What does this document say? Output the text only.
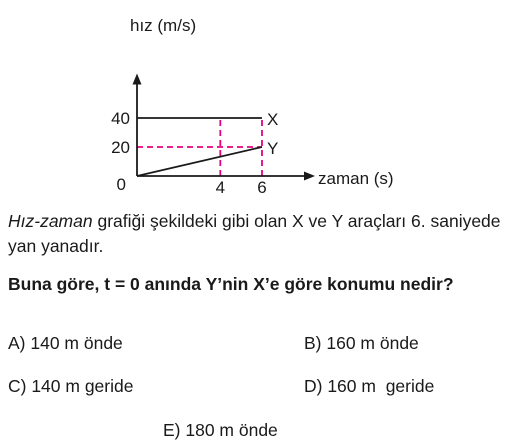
hız (m/s)
zaman (s)
0
20
40
4 6
X
Y
Hız-zaman grafiği şekildeki gibi olan X ve Y araçları 6. saniyede yan yanadır.
Buna göre, t = 0 anında Y’nin X’e göre konumu nedir?
A) 140 m önde	B) 160 m önde
C) 140 m geride	D) 160 m  geride
E) 180 m önde
